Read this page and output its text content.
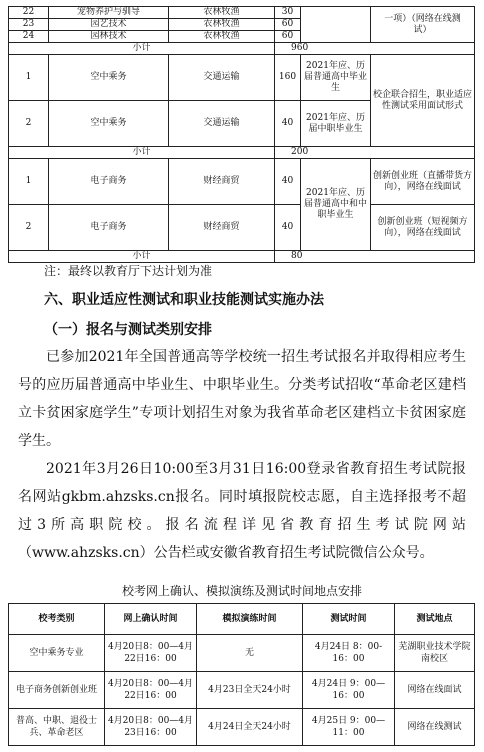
22	宠物养护与驯导	农林牧渔	30		一项）（网络在线测试）
23	园艺技术	农林牧渔	60		
24	园林技术	农林牧渔	60		
小计			960		
1	空中乘务	交通运输	160	2021年应、历届普通高中毕业生	校企联合招生，职业适应性测试采用面试形式
2	空中乘务	交通运输	40	2021年应、历届中职毕业生	
小计			200		
1	电子商务	财经商贸	40	2021年应、历届普通高中和中职毕业生	创新创业班（直播带货方向），网络在线面试
2	电子商务	财经商贸	40		创新创业班（短视频方向），网络在线面试
小计			80		
注：最终以教育厅下达计划为准
六、职业适应性测试和职业技能测试实施办法
（一）报名与测试类别安排
已参加2021年全国普通高等学校统一招生考试报名并取得相应考生号的应历届普通高中毕业生、中职毕业生。分类考试招收“革命老区建档立卡贫困家庭学生”专项计划招生对象为我省革命老区建档立卡贫困家庭学生。
2021年3月26日10:00至3月31日16:00登录省教育招生考试院报名网站gkbm.ahzsks.cn报名。同时填报院校志愿，自主选择报考不超过3所高职院校。报名流程详见省教育招生考试院网站（www.ahzsks.cn）公告栏或安徽省教育招生考试院微信公众号。
校考网上确认、模拟演练及测试时间地点安排
校考类别	网上确认时间	模拟演练时间	测试时间	测试地点
空中乘务专业	4月20日8：00—4月22日16：00	无	4月24日 8：00-16：00	芜湖职业技术学院南校区
电子商务创新创业班	4月20日8：00—4月22日16：00	4月23日全天24小时	4月24日 9：00—16：00	网络在线面试
普高、中职、退役士兵、革命老区	4月20日8：00—4月23日16：00	4月24日全天24小时	4月25日 9：00—11：00	网络在线测试
